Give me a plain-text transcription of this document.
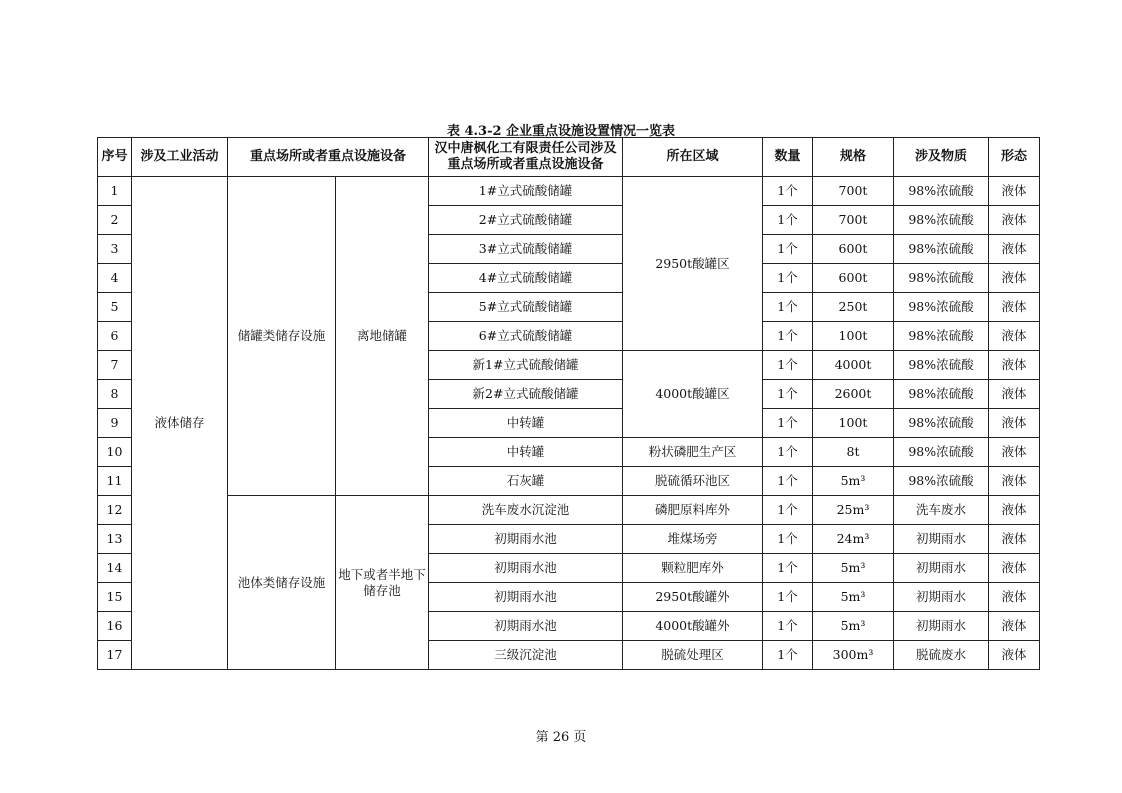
表 4.3-2 企业重点设施设置情况一览表
序号	涉及工业活动	重点场所或者重点设施设备		汉中唐枫化工有限责任公司涉及重点场所或者重点设施设备	所在区域	数量	规格	涉及物质	形态
1	液体储存	储罐类储存设施	离地储罐	1#立式硫酸储罐	2950t酸罐区	1个	700t	98%浓硫酸	液体
2				2#立式硫酸储罐		1个	700t	98%浓硫酸	液体
3				3#立式硫酸储罐		1个	600t	98%浓硫酸	液体
4				4#立式硫酸储罐		1个	600t	98%浓硫酸	液体
5				5#立式硫酸储罐		1个	250t	98%浓硫酸	液体
6				6#立式硫酸储罐		1个	100t	98%浓硫酸	液体
7				新1#立式硫酸储罐	4000t酸罐区	1个	4000t	98%浓硫酸	液体
8				新2#立式硫酸储罐		1个	2600t	98%浓硫酸	液体
9				中转罐		1个	100t	98%浓硫酸	液体
10				中转罐	粉状磷肥生产区	1个	8t	98%浓硫酸	液体
11				石灰罐	脱硫循环池区	1个	5m³	98%浓硫酸	液体
12		池体类储存设施	地下或者半地下储存池	洗车废水沉淀池	磷肥原料库外	1个	25m³	洗车废水	液体
13				初期雨水池	堆煤场旁	1个	24m³	初期雨水	液体
14				初期雨水池	颗粒肥库外	1个	5m³	初期雨水	液体
15				初期雨水池	2950t酸罐外	1个	5m³	初期雨水	液体
16				初期雨水池	4000t酸罐外	1个	5m³	初期雨水	液体
17				三级沉淀池	脱硫处理区	1个	300m³	脱硫废水	液体
第 26 页
